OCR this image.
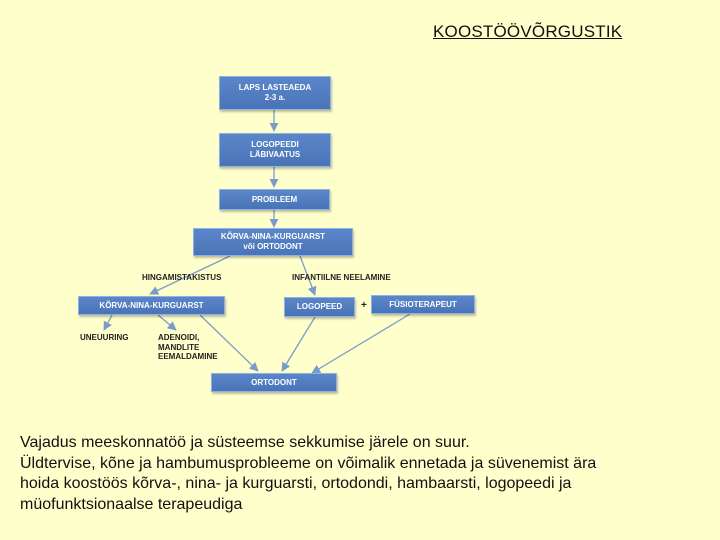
KOOSTÖÖVÕRGUSTIK
LAPS LASTEAEDA
2-3 a.
LOGOPEEDI
LÄBIVAATUS
PROBLEEM
KÕRVA-NINA-KURGUARST
või ORTODONT
KÕRVA-NINA-KURGUARST	LOGOPEED	FÜSIOTERAPEUT
ORTODONT
HINGAMISTAKISTUS	INFANTIILNE NEELAMINE
+
UNEUURING	ADENOIDI,
MANDLITE
EEMALDAMINE
Vajadus meeskonnatöö ja süsteemse sekkumise järele on suur.
Üldtervise, kõne ja hambumusprobleeme on võimalik ennetada ja süvenemist ära
hoida koostöös kõrva-, nina- ja kurguarsti, ortodondi, hambaarsti, logopeedi ja
müofunktsionaalse terapeudiga
